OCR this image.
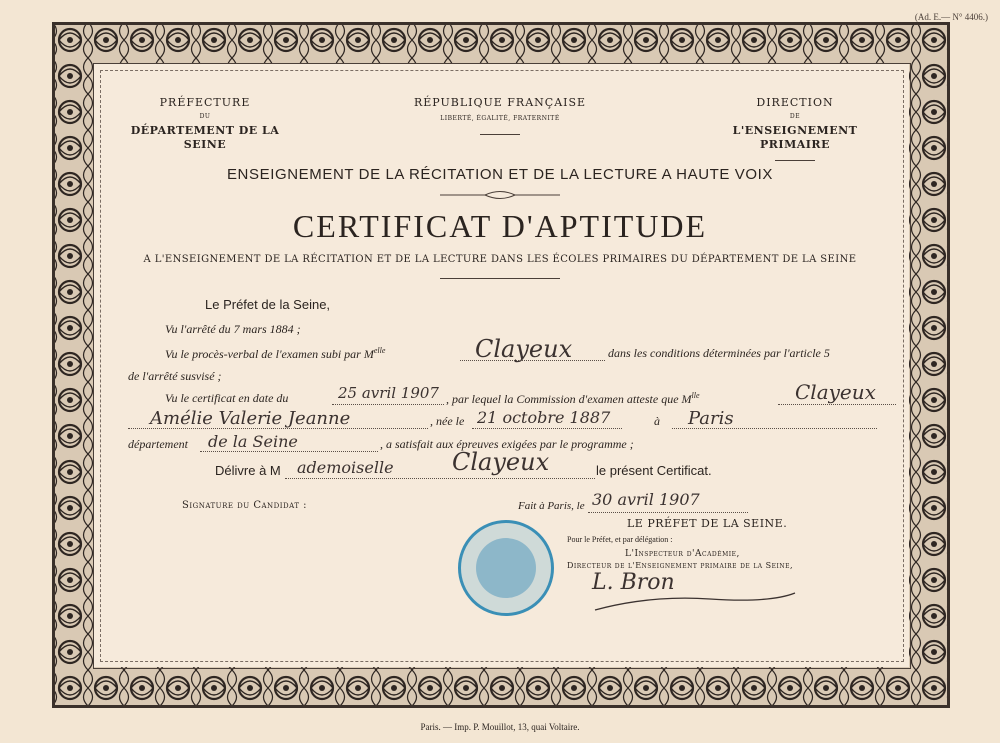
(Ad. E.— N° 4406.)
PRÉFECTURE
DU
DÉPARTEMENT DE LA SEINE
RÉPUBLIQUE FRANÇAISE
LIBERTÉ, ÉGALITÉ, FRATERNITÉ
DIRECTION
DE
L'ENSEIGNEMENT PRIMAIRE
ENSEIGNEMENT DE LA RÉCITATION ET DE LA LECTURE A HAUTE VOIX
CERTIFICAT D'APTITUDE
A L'ENSEIGNEMENT DE LA RÉCITATION ET DE LA LECTURE DANS LES ÉCOLES PRIMAIRES DU DÉPARTEMENT DE LA SEINE
Le Préfet de la Seine,
Vu l'arrêté du 7 mars 1884 ;
Vu le procès-verbal de l'examen subi par $M^{elle}$	Clayeux	dans les conditions déterminées par l'article 5
de l'arrêté susvisé ;
Vu le certificat en date du	25 avril 1907 , par lequel la Commission d'examen atteste que $M^{lle}$	Clayeux
Amélie Valerie Jeanne	, née le 21 octobre 1887	à Paris
département de la Seine	, a satisfait aux épreuves exigées par le programme ;
Délivre à M ademoiselle Clayeux	le présent Certificat.
Signature du Candidat :	Fait à Paris, le 30 avril 1907
LE PRÉFET DE LA SEINE.
Pour le Préfet, et par délégation :
L'Inspecteur d'Académie,
Directeur de l'Enseignement primaire de la Seine,
L. Bron
Paris. — Imp. P. Mouillot, 13, quai Voltaire.
